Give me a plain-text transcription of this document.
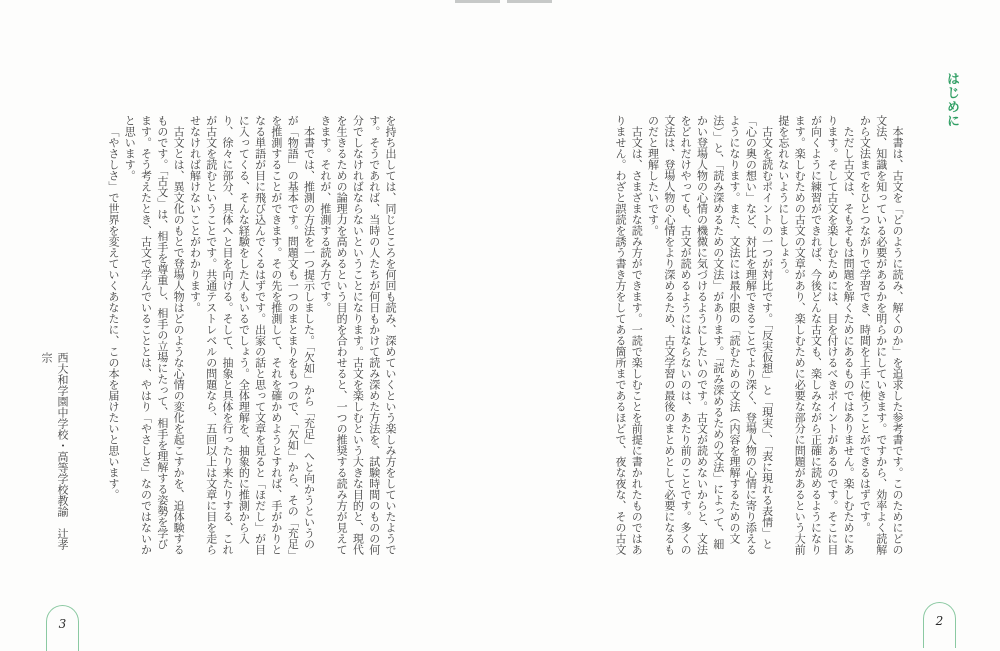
はじめに

本書は、古文を「どのように読み、解くのか」を追求した参考書です。このためにどの文法、知識を知っている必要があるかを明らかにしていきます。ですから、効率よく読解から文法までをひとつながりで学習でき、時間を上手に使うことができるはずです。

ただし古文は、そもそもは問題を解くためにあるものではありません。楽しむためにあります。そして古文を楽しむためには、目を付けるべきポイントがあるのです。そこに目が向くように練習ができれば、今後どんな古文も、楽しみながら正確に読めるようになります。楽しむための古文の文章があり、楽しむために必要な部分に問題があるという大前提を忘れないようにしましょう。

古文を読むポイントの一つが対比です。「反実仮想」と「現実」、「表に現れる表情」と「心の奥の想い」など、対比を理解できることでより深く、登場人物の心情に寄り添えるようになります。また、文法には最小限の「読むための文法（内容を理解するための文法）」と、「読み深めるための文法」があります。「読み深めるための文法」によって、細かい登場人物の心情の機微に気づけるようにしたいのです。古文が読めないからと、文法をどれだけやっても、古文が読めるようにはならないのは、あたり前のことです。多くの文法は、登場人物の心情をより深めるため、古文学習の最後のまとめとして必要になるものだと理解したいです。

古文は、さまざまな読み方ができます。一読で楽しむことを前提に書かれたものではありません。わざと誤読を誘う書き方をしてある箇所まであるほどで、夜な夜な、その古文

2

を持ち出しては、同じところを何回も読み、深めていくという楽しみ方をしていたようです。そうであれば、当時の人たちが何日もかけて読み深めた方法を、試験時間のものの何分でしなければならないということになります。古文を楽しむという大きな目的と、現代を生きるための論理力を高めるという目的を合わせると、一つの推奨する読み方が見えてきます。それが、推測する読み方です。

本書では、推測の方法を一つ提示しました。「欠如」から「充足」へと向かうというのが「物語」の基本です。問題文も一つのまとまりをもつので、「欠如」から、その「充足」を推測することができます。その先を推測して、それを確かめようとすれば、手がかりとなる単語が目に飛び込んでくるはずです。出家の話と思って文章を見ると「ほだし」が目に入ってくる、そんな経験をした人もいるでしょう。全体理解を、抽象的に推測から入り、徐々に部分、具体へと目を向ける。そして、抽象と具体を行ったり来たりする、これが古文を読むということです。共通テストレベルの問題なら、五回以上は文章に目を走らせなければ解けないことがわかります。

古文とは、異文化のもとで登場人物はどのような心情の変化を起こすかを、追体験するものです。「古文」は、相手を尊重し、相手の立場にたって、相手を理解する姿勢を学びます。そう考えたとき、古文で学んでいることとは、やはり「やさしさ」なのではないかと思います。

「やさしさ」で世界を変えていくあなたに、この本を届けたいと思います。

西大和学園中学校・高等学校教諭　辻孝宗
3
